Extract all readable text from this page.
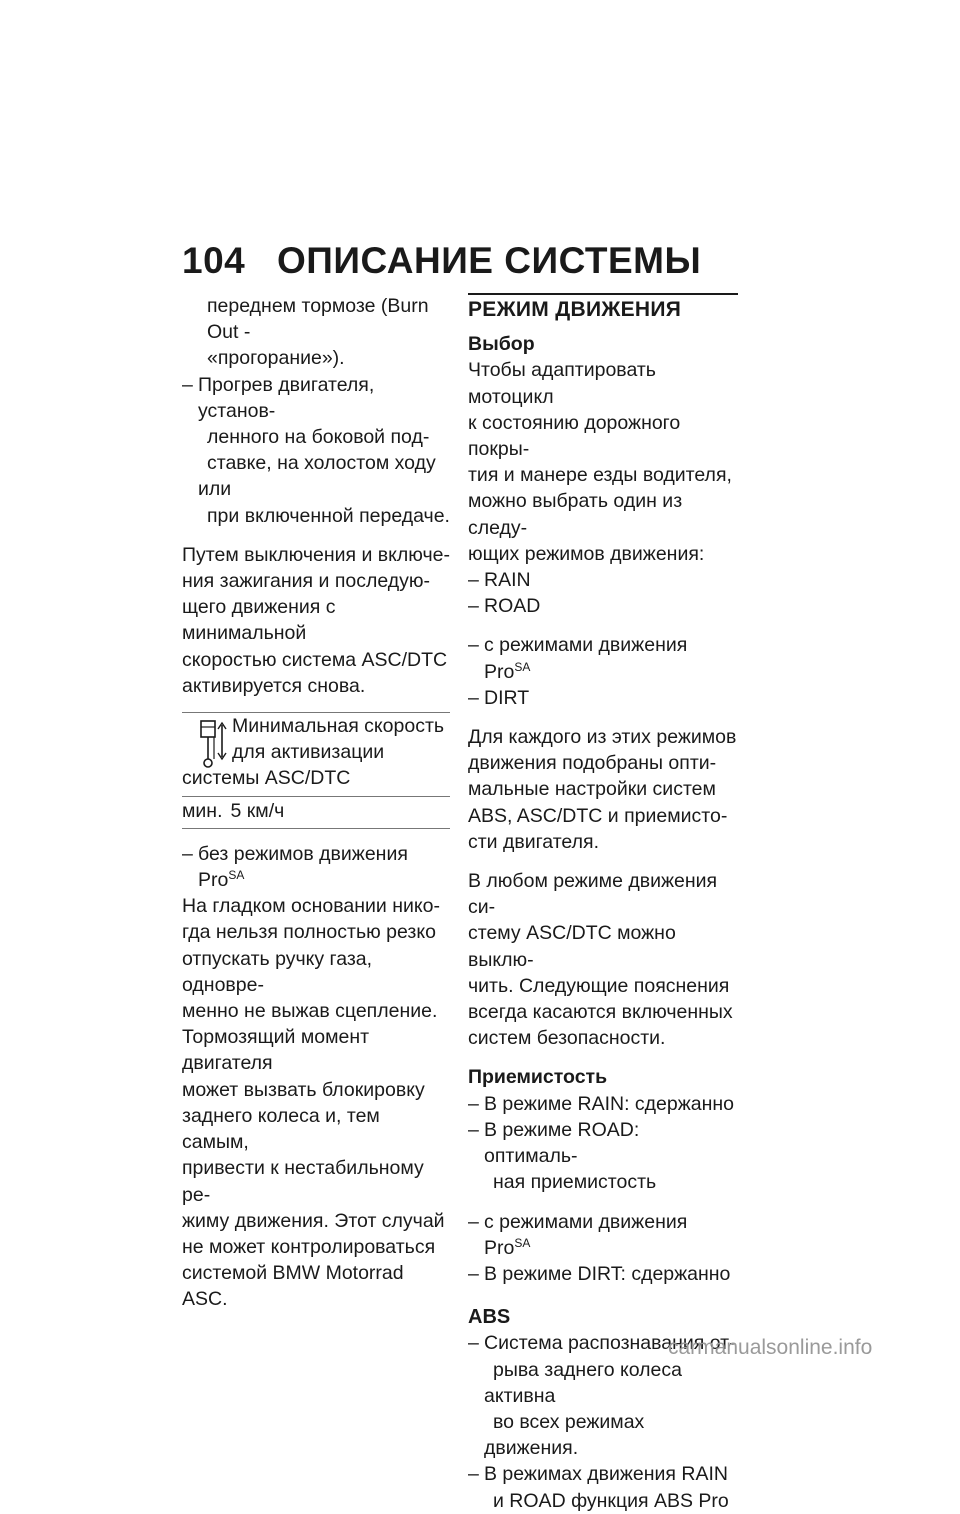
104 ОПИСАНИЕ СИСТЕМЫ

переднем тормозе (Burn Out -
«прогорание»).

– Прогрев двигателя, установ-
ленного на боковой под-
ставке, на холостом ходу или
при включенной передаче.

Путем выключения и включе-
ния зажигания и последую-
щего движения с минимальной
скоростью система ASC/DTC
активируется снова.

Минимальная скорость
для активизации
системы ASC/DTC
мин. 5 км/ч
– без режимов движения Pro$^{SA}$

На гладком основании нико-
гда нельзя полностью резко
отпускать ручку газа, одновре-
менно не выжав сцепление.
Тормозящий момент двигателя
может вызвать блокировку
заднего колеса и, тем самым,
привести к нестабильному ре-
жиму движения. Этот случай
не может контролироваться
системой BMW Motorrad ASC.

РЕЖИМ ДВИЖЕНИЯ
Выбор

Чтобы адаптировать мотоцикл
к состоянию дорожного покры-
тия и манере езды водителя,
можно выбрать один из следу-
ющих режимов движения:

– RAIN
– ROAD
– с режимами движения Pro$^{SA}$
– DIRT

Для каждого из этих режимов
движения подобраны опти-
мальные настройки систем
ABS, ASC/DTC и приемисто-
сти двигателя.

В любом режиме движения си-
стему ASC/DTC можно выклю-
чить. Следующие пояснения
всегда касаются включенных
систем безопасности.

Приемистость
– В режиме RAIN: сдержанно
– В режиме ROAD: оптималь-
ная приемистость
– с режимами движения Pro$^{SA}$
– В режиме DIRT: сдержанно
ABS
– Система распознавания от-
рыва заднего колеса активна
во всех режимах движения.
– В режимах движения RAIN
и ROAD функция ABS Pro
carmanualsonline.info
